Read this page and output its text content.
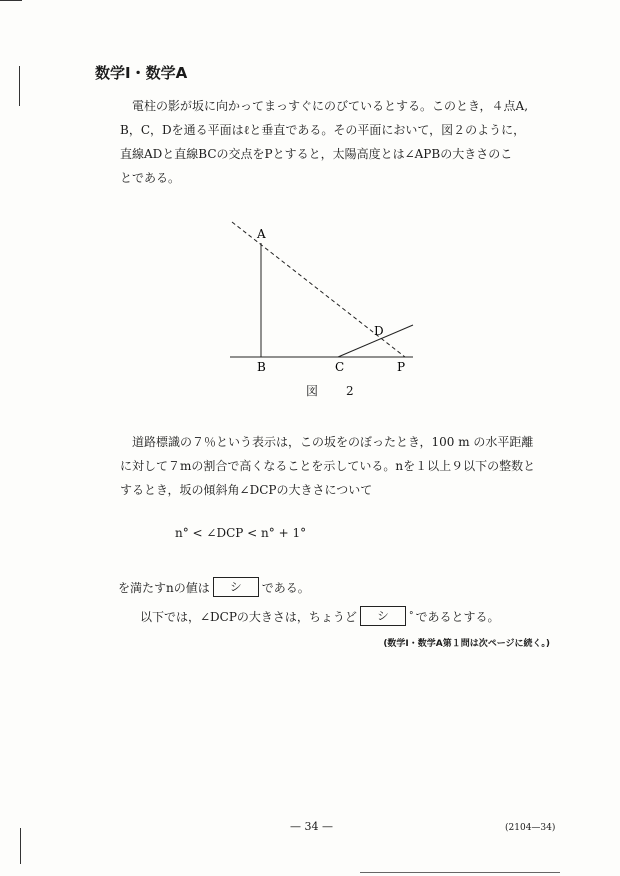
数学Ⅰ・数学A
　電柱の影が坂に向かってまっすぐにのびているとする。このとき，４点A,
B，C，Dを通る平面はℓと垂直である。その平面において，図２のように，
直線ADと直線BCの交点をPとすると，太陽高度とは∠APBの大きさのこ
とである。
A
B	C
D
P
図　2
　道路標識の７％という表示は，この坂をのぼったとき，100 m の水平距離
に対して７mの割合で高くなることを示している。nを１以上９以下の整数と
するとき，坂の傾斜角∠DCPの大きさについて
n° < ∠DCP < n° + 1°
を満たすnの値は	シ	である。
以下では，∠DCPの大きさは，ちょうど	シ	° であるとする。
(数学Ⅰ・数学A第１問は次ページに続く。)
— 34 —	(2104—34)
